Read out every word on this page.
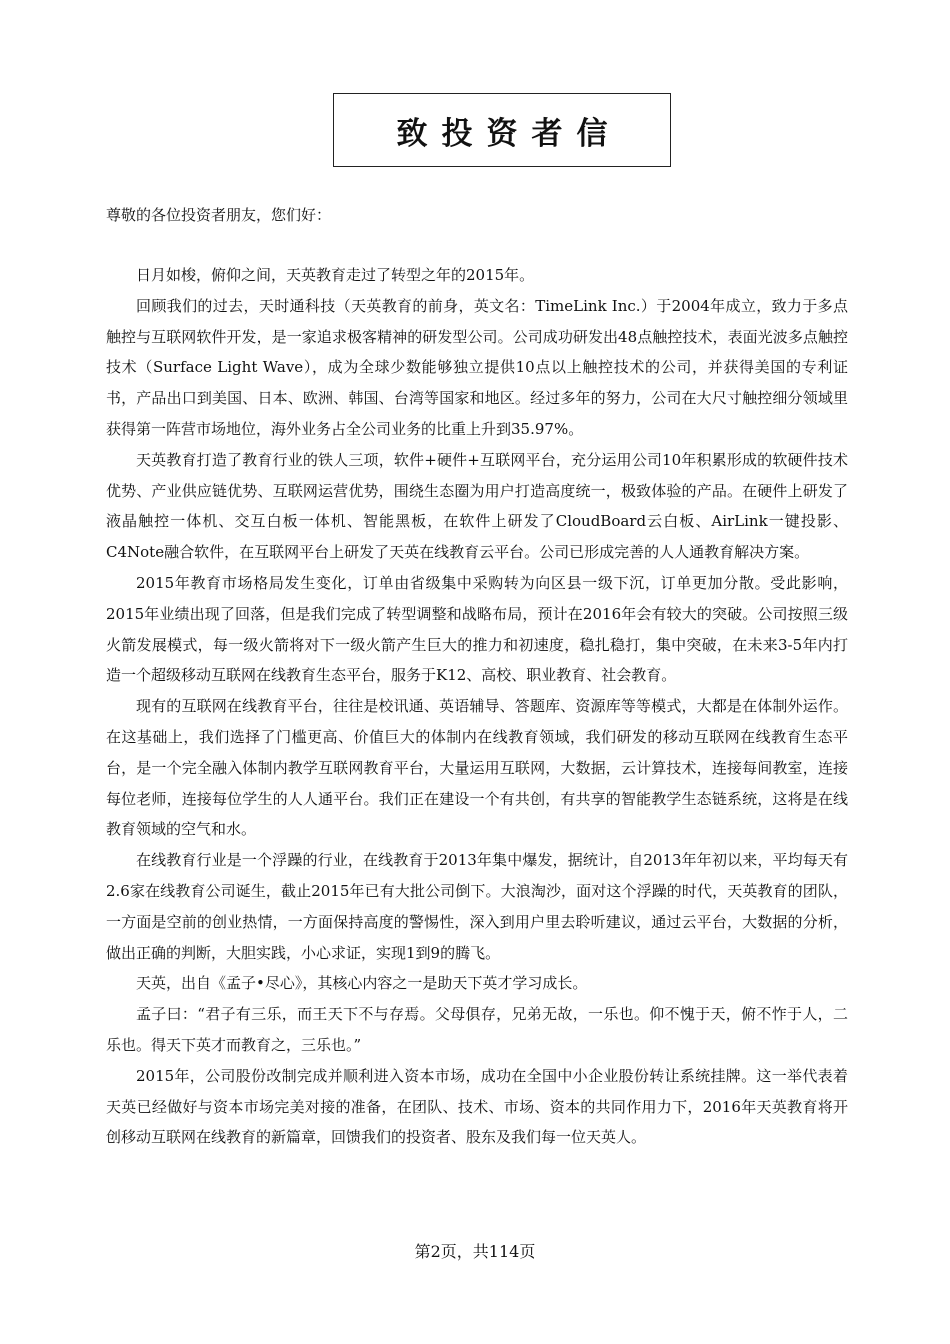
致投资者信
尊敬的各位投资者朋友，您们好：

日月如梭，俯仰之间，天英教育走过了转型之年的2015年。

回顾我们的过去，天时通科技（天英教育的前身，英文名：TimeLink Inc.）于2004年成立，致力于多点触控与互联网软件开发，是一家追求极客精神的研发型公司。公司成功研发出48点触控技术，表面光波多点触控技术（Surface Light Wave），成为全球少数能够独立提供10点以上触控技术的公司，并获得美国的专利证书，产品出口到美国、日本、欧洲、韩国、台湾等国家和地区。经过多年的努力，公司在大尺寸触控细分领域里获得第一阵营市场地位，海外业务占全公司业务的比重上升到35.97%。

天英教育打造了教育行业的铁人三项，软件+硬件+互联网平台，充分运用公司10年积累形成的软硬件技术优势、产业供应链优势、互联网运营优势，围绕生态圈为用户打造高度统一，极致体验的产品。在硬件上研发了液晶触控一体机、交互白板一体机、智能黑板，在软件上研发了CloudBoard云白板、AirLink一键投影、C4Note融合软件，在互联网平台上研发了天英在线教育云平台。公司已形成完善的人人通教育解决方案。

2015年教育市场格局发生变化，订单由省级集中采购转为向区县一级下沉，订单更加分散。受此影响，2015年业绩出现了回落，但是我们完成了转型调整和战略布局，预计在2016年会有较大的突破。公司按照三级火箭发展模式，每一级火箭将对下一级火箭产生巨大的推力和初速度，稳扎稳打，集中突破，在未来3-5年内打造一个超级移动互联网在线教育生态平台，服务于K12、高校、职业教育、社会教育。

现有的互联网在线教育平台，往往是校讯通、英语辅导、答题库、资源库等等模式，大都是在体制外运作。在这基础上，我们选择了门槛更高、价值巨大的体制内在线教育领域，我们研发的移动互联网在线教育生态平台，是一个完全融入体制内教学互联网教育平台，大量运用互联网，大数据，云计算技术，连接每间教室，连接每位老师，连接每位学生的人人通平台。我们正在建设一个有共创，有共享的智能教学生态链系统，这将是在线教育领域的空气和水。

在线教育行业是一个浮躁的行业，在线教育于2013年集中爆发，据统计，自2013年年初以来，平均每天有2.6家在线教育公司诞生，截止2015年已有大批公司倒下。大浪淘沙，面对这个浮躁的时代，天英教育的团队，一方面是空前的创业热情，一方面保持高度的警惕性，深入到用户里去聆听建议，通过云平台，大数据的分析，做出正确的判断，大胆实践，小心求证，实现1到9的腾飞。

天英，出自《孟子•尽心》，其核心内容之一是助天下英才学习成长。

孟子曰：“君子有三乐，而王天下不与存焉。父母俱存，兄弟无故，一乐也。仰不愧于天，俯不怍于人，二乐也。得天下英才而教育之，三乐也。”

2015年，公司股份改制完成并顺利进入资本市场，成功在全国中小企业股份转让系统挂牌。这一举代表着天英已经做好与资本市场完美对接的准备，在团队、技术、市场、资本的共同作用力下，2016年天英教育将开创移动互联网在线教育的新篇章，回馈我们的投资者、股东及我们每一位天英人。

第2页，共114页
